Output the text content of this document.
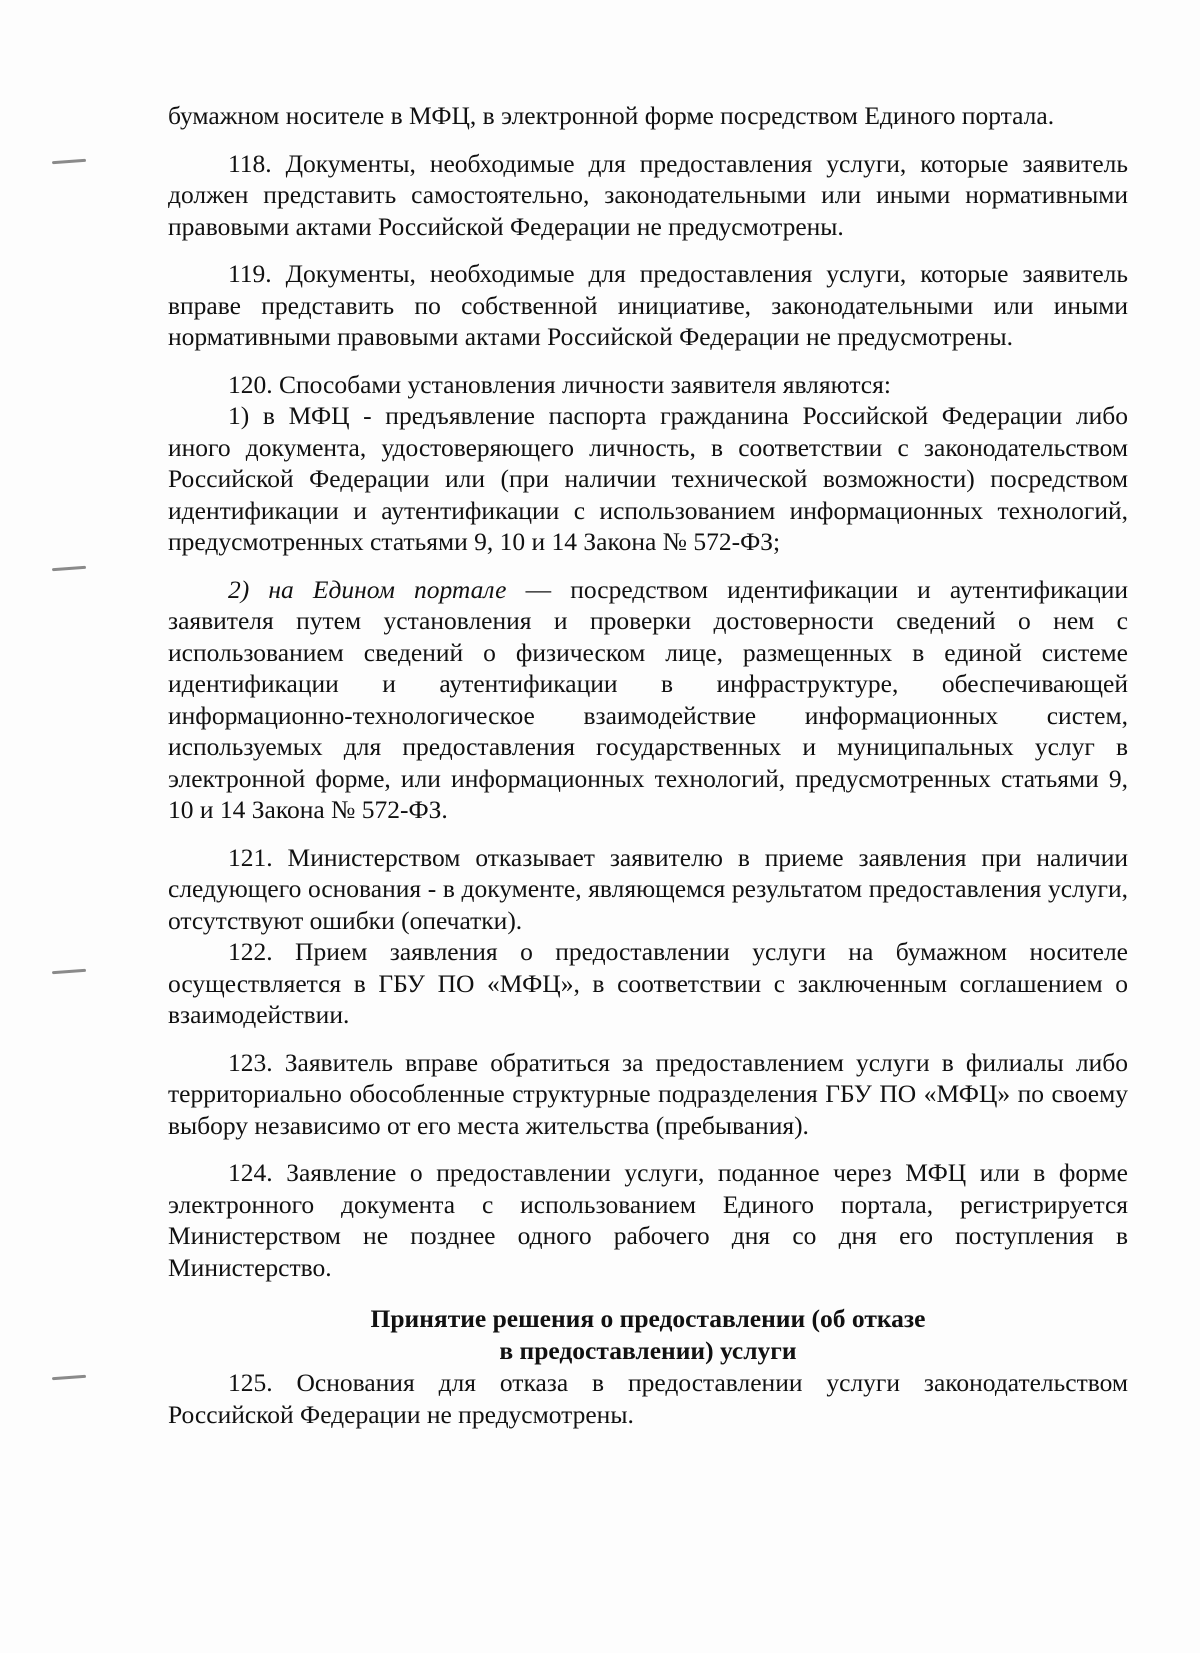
бумажном носителе в МФЦ, в электронной форме посредством Единого портала.

118. Документы, необходимые для предоставления услуги, которые заявитель должен представить самостоятельно, законодательными или иными нормативными правовыми актами Российской Федерации не предусмотрены.

119. Документы, необходимые для предоставления услуги, которые заявитель вправе представить по собственной инициативе, законодательными или иными нормативными правовыми актами Российской Федерации не предусмотрены.

120. Способами установления личности заявителя являются:

1) в МФЦ - предъявление паспорта гражданина Российской Федерации либо иного документа, удостоверяющего личность, в соответствии с законодательством Российской Федерации или (при наличии технической возможности) посредством идентификации и аутентификации с использованием информационных технологий, предусмотренных статьями 9, 10 и 14 Закона № 572-ФЗ;

2) на Едином портале — посредством идентификации и аутентификации заявителя путем установления и проверки достоверности сведений о нем с использованием сведений о физическом лице, размещенных в единой системе идентификации и аутентификации в инфраструктуре, обеспечивающей информационно-технологическое взаимодействие информационных систем, используемых для предоставления государственных и муниципальных услуг в электронной форме, или информационных технологий, предусмотренных статьями 9, 10 и 14 Закона № 572-ФЗ.

121. Министерством отказывает заявителю в приеме заявления при наличии следующего основания - в документе, являющемся результатом предоставления услуги, отсутствуют ошибки (опечатки).

122. Прием заявления о предоставлении услуги на бумажном носителе осуществляется в ГБУ ПО «МФЦ», в соответствии с заключенным соглашением о взаимодействии.

123. Заявитель вправе обратиться за предоставлением услуги в филиалы либо территориально обособленные структурные подразделения ГБУ ПО «МФЦ» по своему выбору независимо от его места жительства (пребывания).

124. Заявление о предоставлении услуги, поданное через МФЦ или в форме электронного документа с использованием Единого портала, регистрируется Министерством не позднее одного рабочего дня со дня его поступления в Министерство.

Принятие решения о предоставлении (об отказе
в предоставлении) услуги

125. Основания для отказа в предоставлении услуги законодательством Российской Федерации не предусмотрены.
